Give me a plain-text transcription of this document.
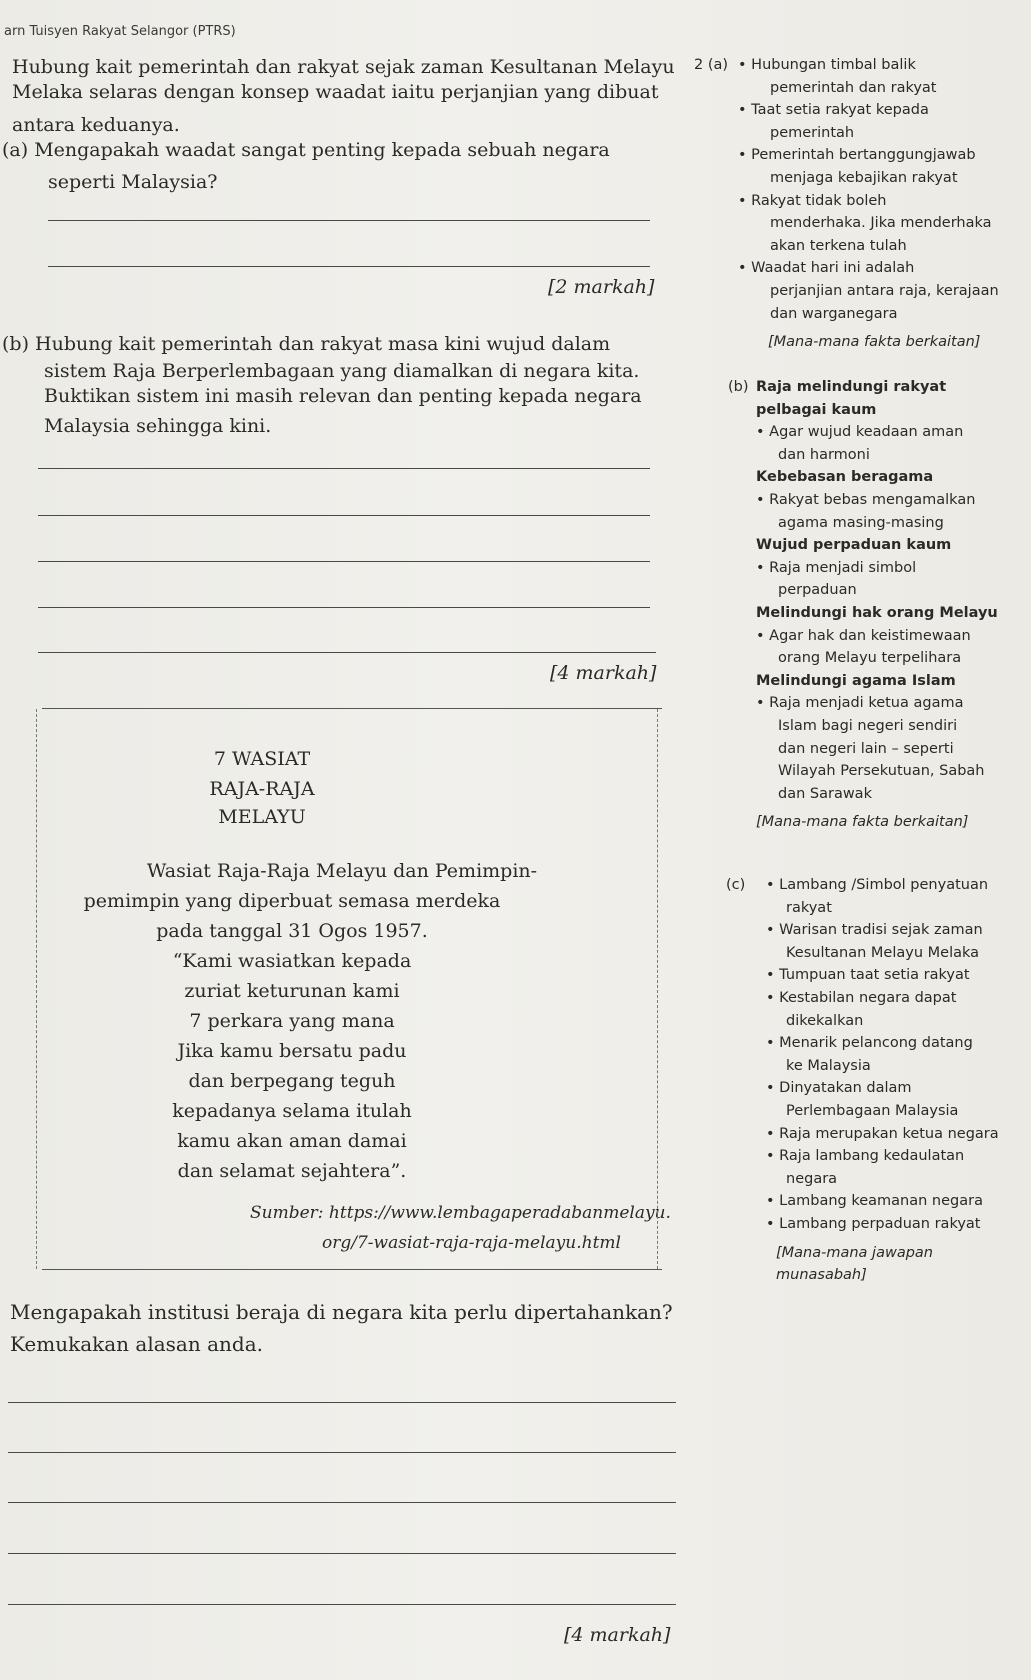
arn Tuisyen Rakyat Selangor (PTRS)
Hubung kait pemerintah dan rakyat sejak zaman Kesultanan Melayu
Melaka selaras dengan konsep waadat iaitu perjanjian yang dibuat
antara keduanya.
(a) Mengapakah waadat sangat penting kepada sebuah negara
seperti Malaysia?
[2 markah]
(b) Hubung kait pemerintah dan rakyat masa kini wujud dalam
sistem Raja Berperlembagaan yang diamalkan di negara kita.
Buktikan sistem ini masih relevan dan penting kepada negara
Malaysia sehingga kini.
[4 markah]
7 WASIAT
RAJA-RAJA
MELAYU
Wasiat Raja-Raja Melayu dan Pemimpin-
pemimpin yang diperbuat semasa merdeka
pada tanggal 31 Ogos 1957.
“Kami wasiatkan kepada
zuriat keturunan kami
7 perkara yang mana
Jika kamu bersatu padu
dan berpegang teguh
kepadanya selama itulah
kamu akan aman damai
dan selamat sejahtera”.
Sumber: https://www.lembagaperadabanmelayu.
org/7-wasiat-raja-raja-melayu.html
Mengapakah institusi beraja di negara kita perlu dipertahankan?
Kemukakan alasan anda.
[4 markah]
2 (a) • Hubungan timbal balik
pemerintah dan rakyat
• Taat setia rakyat kepada
pemerintah
• Pemerintah bertanggungjawab
menjaga kebajikan rakyat
• Rakyat tidak boleh
menderhaka. Jika menderhaka
akan terkena tulah
• Waadat hari ini adalah
perjanjian antara raja, kerajaan
dan warganegara
[Mana-mana fakta berkaitan]
(b) Raja melindungi rakyat
pelbagai kaum
• Agar wujud keadaan aman
dan harmoni
Kebebasan beragama
• Rakyat bebas mengamalkan
agama masing-masing
Wujud perpaduan kaum
• Raja menjadi simbol
perpaduan
Melindungi hak orang Melayu
• Agar hak dan keistimewaan
orang Melayu terpelihara
Melindungi agama Islam
• Raja menjadi ketua agama
Islam bagi negeri sendiri
dan negeri lain – seperti
Wilayah Persekutuan, Sabah
dan Sarawak
[Mana-mana fakta berkaitan]
(c) • Lambang /Simbol penyatuan
rakyat
• Warisan tradisi sejak zaman
Kesultanan Melayu Melaka
• Tumpuan taat setia rakyat
• Kestabilan negara dapat
dikekalkan
• Menarik pelancong datang
ke Malaysia
• Dinyatakan dalam
Perlembagaan Malaysia
• Raja merupakan ketua negara
• Raja lambang kedaulatan
negara
• Lambang keamanan negara
• Lambang perpaduan rakyat
[Mana-mana jawapan
munasabah]
